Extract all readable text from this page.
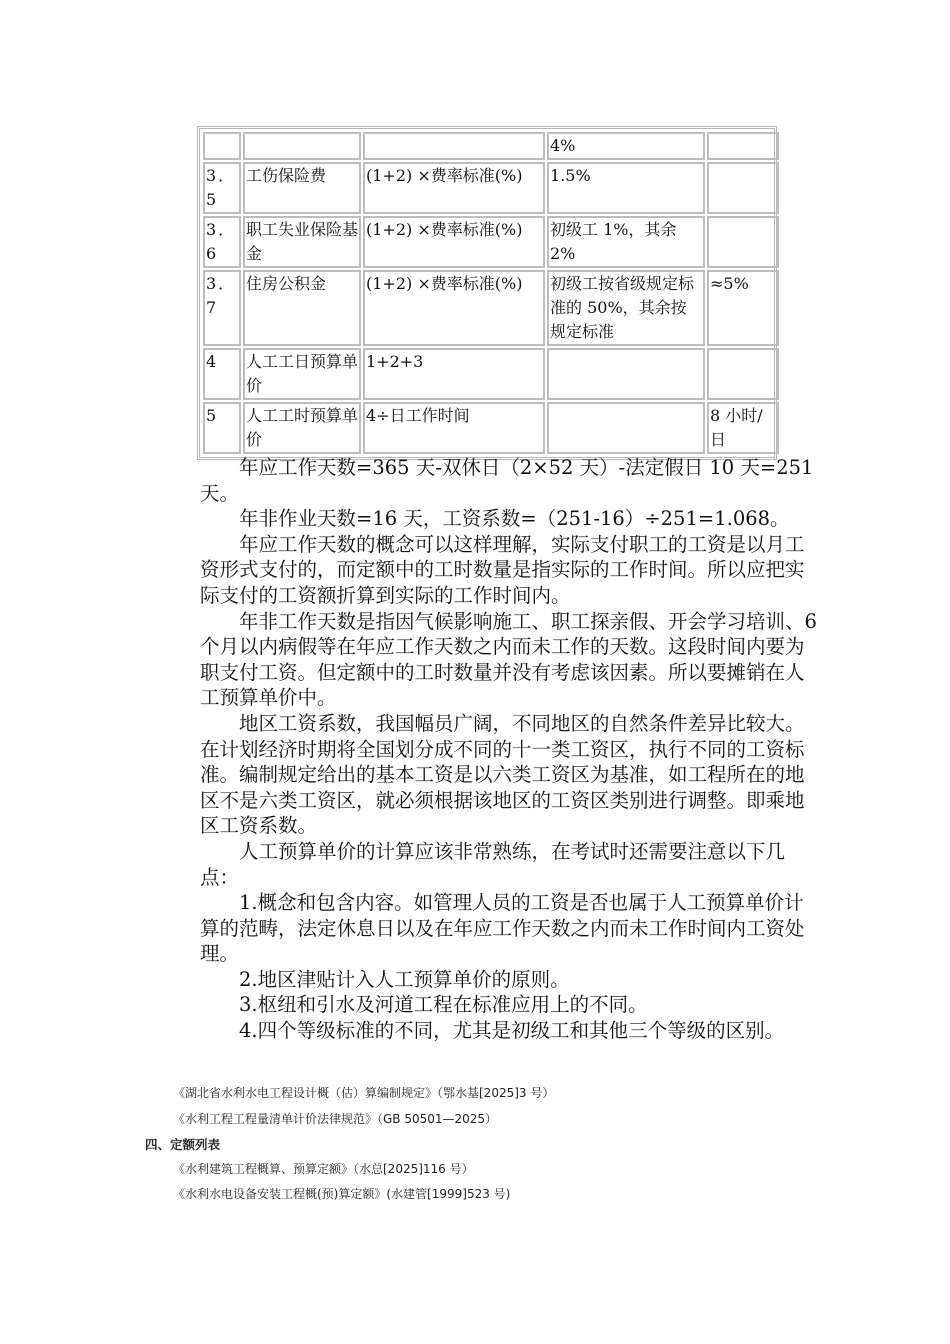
			4%	
3．5	工伤保险费	(1+2) ×费率标准(%)	1.5%	
3．6	职工失业保险基金	(1+2) ×费率标准(%)	初级工 1%，其余 2%	
3．7	住房公积金	(1+2) ×费率标准(%)	初级工按省级规定标准的 50%，其余按规定标准	≈5%
4	人工工日预算单价	1+2+3		
5	人工工时预算单价	4÷日工作时间		8 小时/日

年应工作天数=365 天-双休日（2×52 天）-法定假日 10 天=251 天。

年非作业天数=16 天，工资系数=（251-16）÷251=1.068。

年应工作天数的概念可以这样理解，实际支付职工的工资是以月工资形式支付的，而定额中的工时数量是指实际的工作时间。所以应把实际支付的工资额折算到实际的工作时间内。

年非工作天数是指因气候影响施工、职工探亲假、开会学习培训、6 个月以内病假等在年应工作天数之内而未工作的天数。这段时间内要为职支付工资。但定额中的工时数量并没有考虑该因素。所以要摊销在人工预算单价中。

地区工资系数，我国幅员广阔，不同地区的自然条件差异比较大。在计划经济时期将全国划分成不同的十一类工资区，执行不同的工资标准。编制规定给出的基本工资是以六类工资区为基准，如工程所在的地区不是六类工资区，就必须根据该地区的工资区类别进行调整。即乘地区工资系数。

人工预算单价的计算应该非常熟练，在考试时还需要注意以下几点：

1.概念和包含内容。如管理人员的工资是否也属于人工预算单价计算的范畴，法定休息日以及在年应工作天数之内而未工作时间内工资处理。

2.地区津贴计入人工预算单价的原则。

3.枢纽和引水及河道工程在标准应用上的不同。

4.四个等级标准的不同，尤其是初级工和其他三个等级的区别。

《湖北省水利水电工程设计概（估）算编制规定》（鄂水基[2025]3 号）
《水利工程工程量清单计价法律规范》（GB 50501—2025）
四、定额列表
《水利建筑工程概算、预算定额》（水总[2025]116 号）
《水利水电设备安装工程概(预)算定额》(水建管[1999]523 号)
